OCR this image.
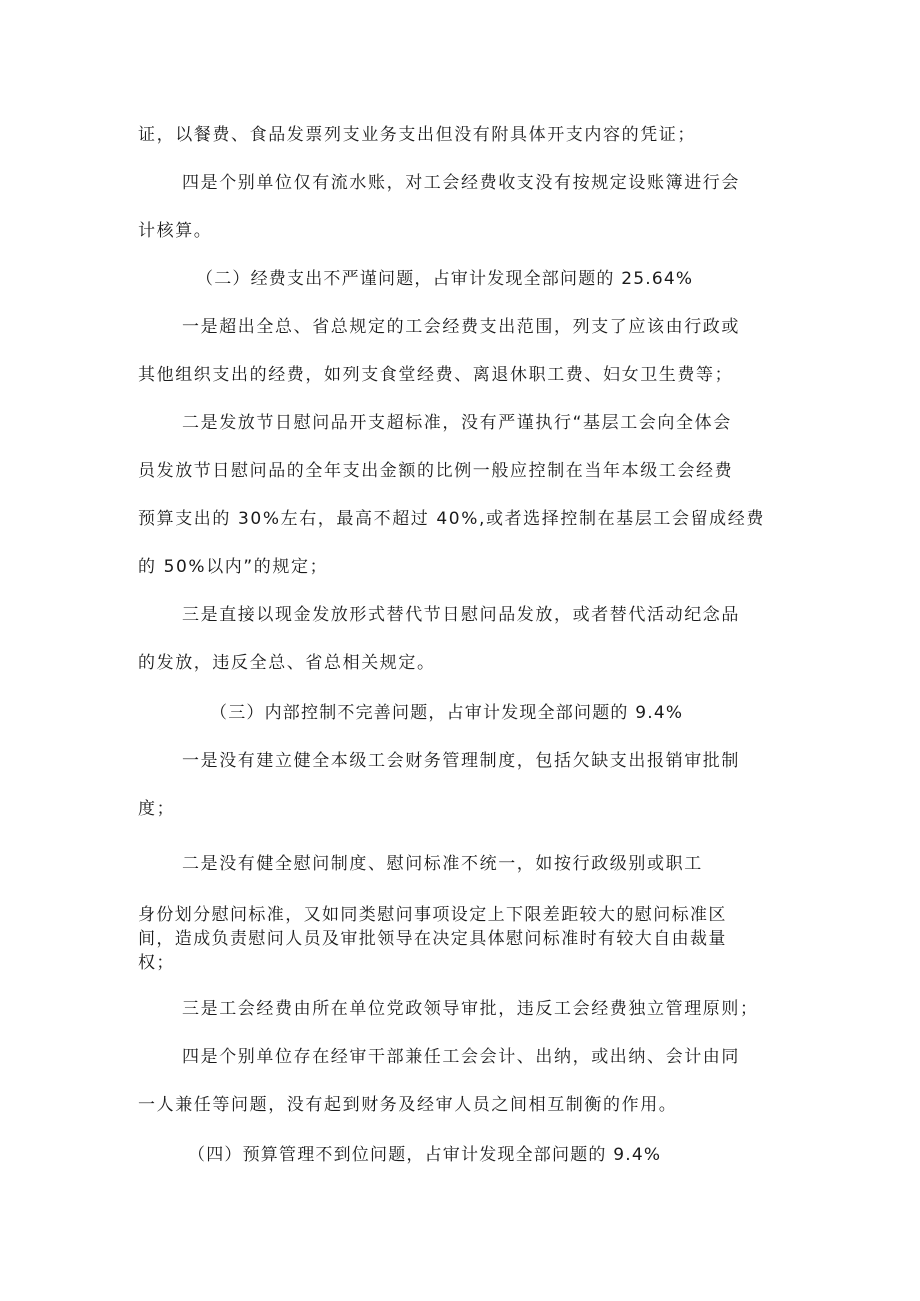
证，以餐费、食品发票列支业务支出但没有附具体开支内容的凭证；
四是个别单位仅有流水账，对工会经费收支没有按规定设账簿进行会
计核算。
（二）经费支出不严谨问题，占审计发现全部问题的 25.64%
一是超出全总、省总规定的工会经费支出范围，列支了应该由行政或
其他组织支出的经费，如列支食堂经费、离退休职工费、妇女卫生费等；
二是发放节日慰问品开支超标准，没有严谨执行“基层工会向全体会
员发放节日慰问品的全年支出金额的比例一般应控制在当年本级工会经费
预算支出的 30%左右，最高不超过 40%,或者选择控制在基层工会留成经费
的 50%以内”的规定；
三是直接以现金发放形式替代节日慰问品发放，或者替代活动纪念品
的发放，违反全总、省总相关规定。
（三）内部控制不完善问题，占审计发现全部问题的 9.4%
一是没有建立健全本级工会财务管理制度，包括欠缺支出报销审批制
度；
二是没有健全慰问制度、慰问标准不统一，如按行政级别或职工
身份划分慰问标准，又如同类慰问事项设定上下限差距较大的慰问标准区
间，造成负责慰问人员及审批领导在决定具体慰问标准时有较大自由裁量
权；
三是工会经费由所在单位党政领导审批，违反工会经费独立管理原则；
四是个别单位存在经审干部兼任工会会计、出纳，或出纳、会计由同
一人兼任等问题，没有起到财务及经审人员之间相互制衡的作用。
（四）预算管理不到位问题，占审计发现全部问题的 9.4%
